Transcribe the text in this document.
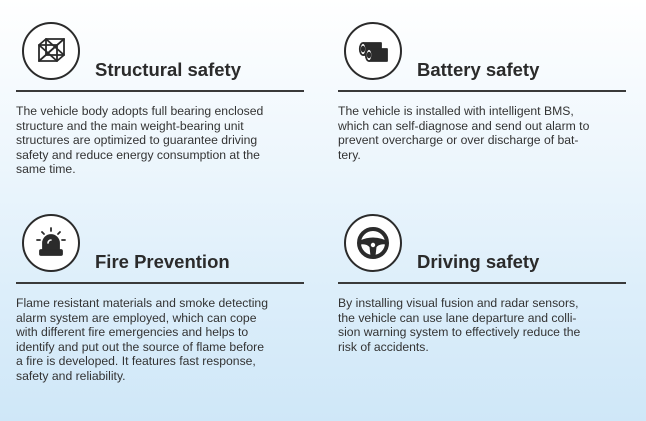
Structural safety
The vehicle body adopts full bearing enclosed
structure and the main weight-bearing unit
structures are optimized to guarantee driving
safety and reduce energy consumption at the
same time.
Battery safety
The vehicle is installed with intelligent BMS,
which can self-diagnose and send out alarm to
prevent overcharge or over discharge of bat-
tery.
Fire Prevention
Flame resistant materials and smoke detecting
alarm system are employed, which can cope
with different fire emergencies and helps to
identify and put out the source of flame before
a fire is developed. It features fast response,
safety and reliability.
Driving safety
By installing visual fusion and radar sensors,
the vehicle can use lane departure and colli-
sion warning system to effectively reduce the
risk of accidents.
